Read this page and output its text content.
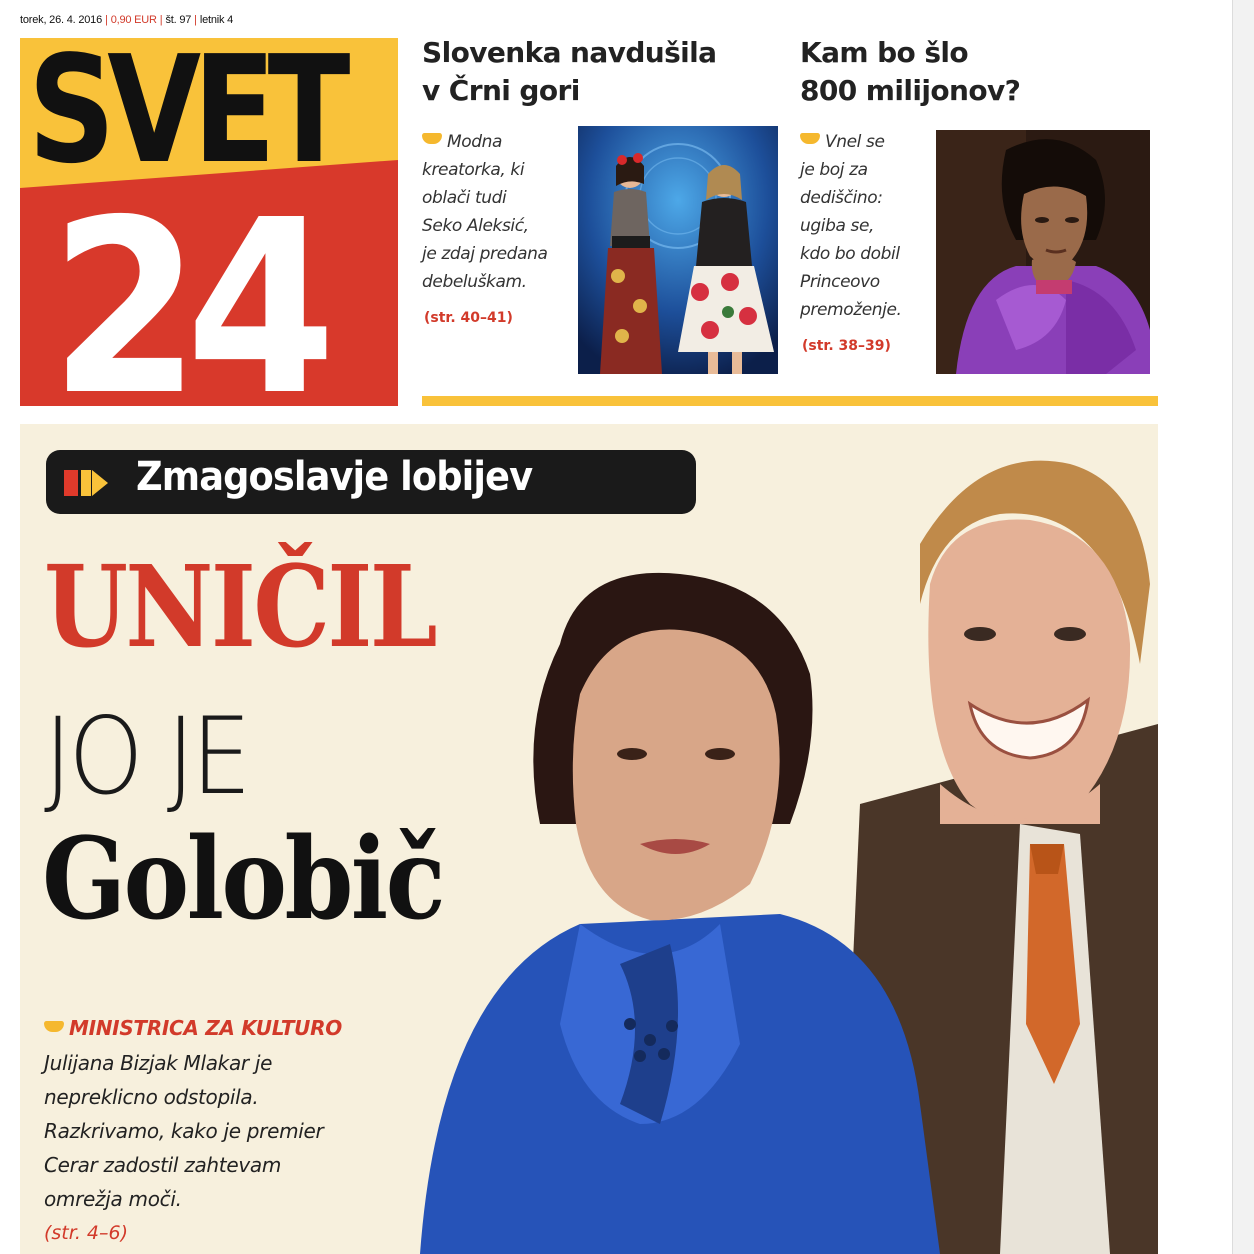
torek, 26. 4. 2016 | 0,90 EUR | št. 97 | letnik 4
SVET
24
Slovenka navdušila
v Črni gori
Modna
kreatorka, ki
oblači tudi
Seko Aleksić,
je zdaj predana
debeluškam.
(str. 40–41)
Kam bo šlo
800 milijonov?
Vnel se
je boj za
dediščino:
ugiba se,
kdo bo dobil
Princeovo
premoženje.
(str. 38–39)
Zmagoslavje lobijev
UNIČIL
JO JE
Golobič
MINISTRICA ZA KULTURO
Julijana Bizjak Mlakar je
nepreklicno odstopila.
Razkrivamo, kako je premier
Cerar zadostil zahtevam
omrežja moči.
(str. 4–6)
